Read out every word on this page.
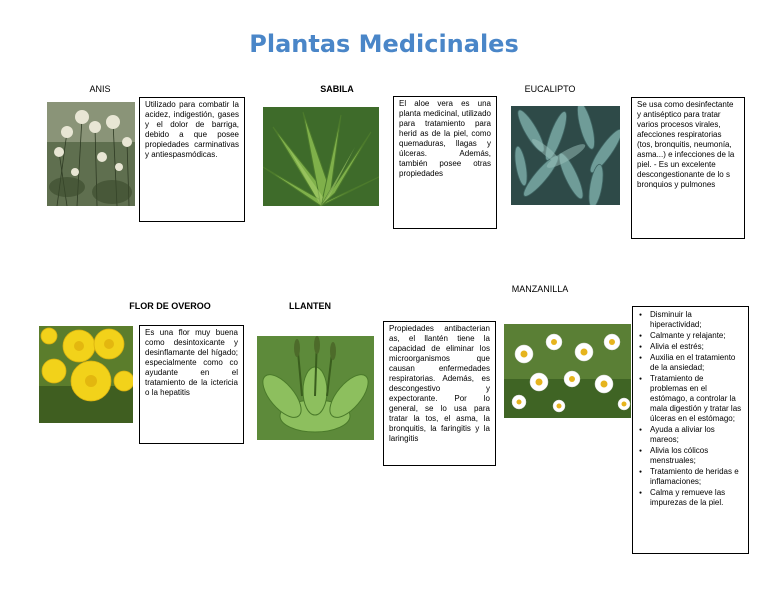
Plantas Medicinales
ANIS
Utilizado para combatir la acidez, indigestión, gases y el dolor de barriga, debido a que posee propiedades carminativas y antiespasmódicas.
SABILA
El aloe vera es una planta medicinal, utilizado para tratamiento para herid as de la piel, como quemaduras, llagas y úlceras. Además, también posee otras propiedades
EUCALIPTO
Se usa como desinfectante y antiséptico para tratar varios procesos virales, afecciones respiratorias (tos, bronquitis, neumonía, asma...) e infecciones de la piel. - Es un excelente descongestionante de lo s bronquios y pulmones
FLOR DE OVEROO
Es una flor muy buena como desintoxicante y desinflamante del hígado; especialmente como co ayudante en el tratamiento de la ictericia o la hepatitis
LLANTEN
Propiedades antibacterian as, el llantén tiene la capacidad de eliminar los microorganismos que causan enfermedades respiratorias. Además, es descongestivo y expectorante. Por lo general, se lo usa para tratar la tos, el asma, la bronquitis, la faringitis y la laringitis
MANZANILLA
● Disminuir la hiperactividad;
● Calmante y relajante;
● Alivia el estrés;
● Auxilia en el tratamiento de la ansiedad;
● Tratamiento de problemas en el estómago, a controlar la mala digestión y tratar las úlceras en el estómago;
● Ayuda a aliviar los mareos;
● Alivia los cólicos menstruales;
● Tratamiento de heridas e inflamaciones;
● Calma y remueve las impurezas de la piel.
